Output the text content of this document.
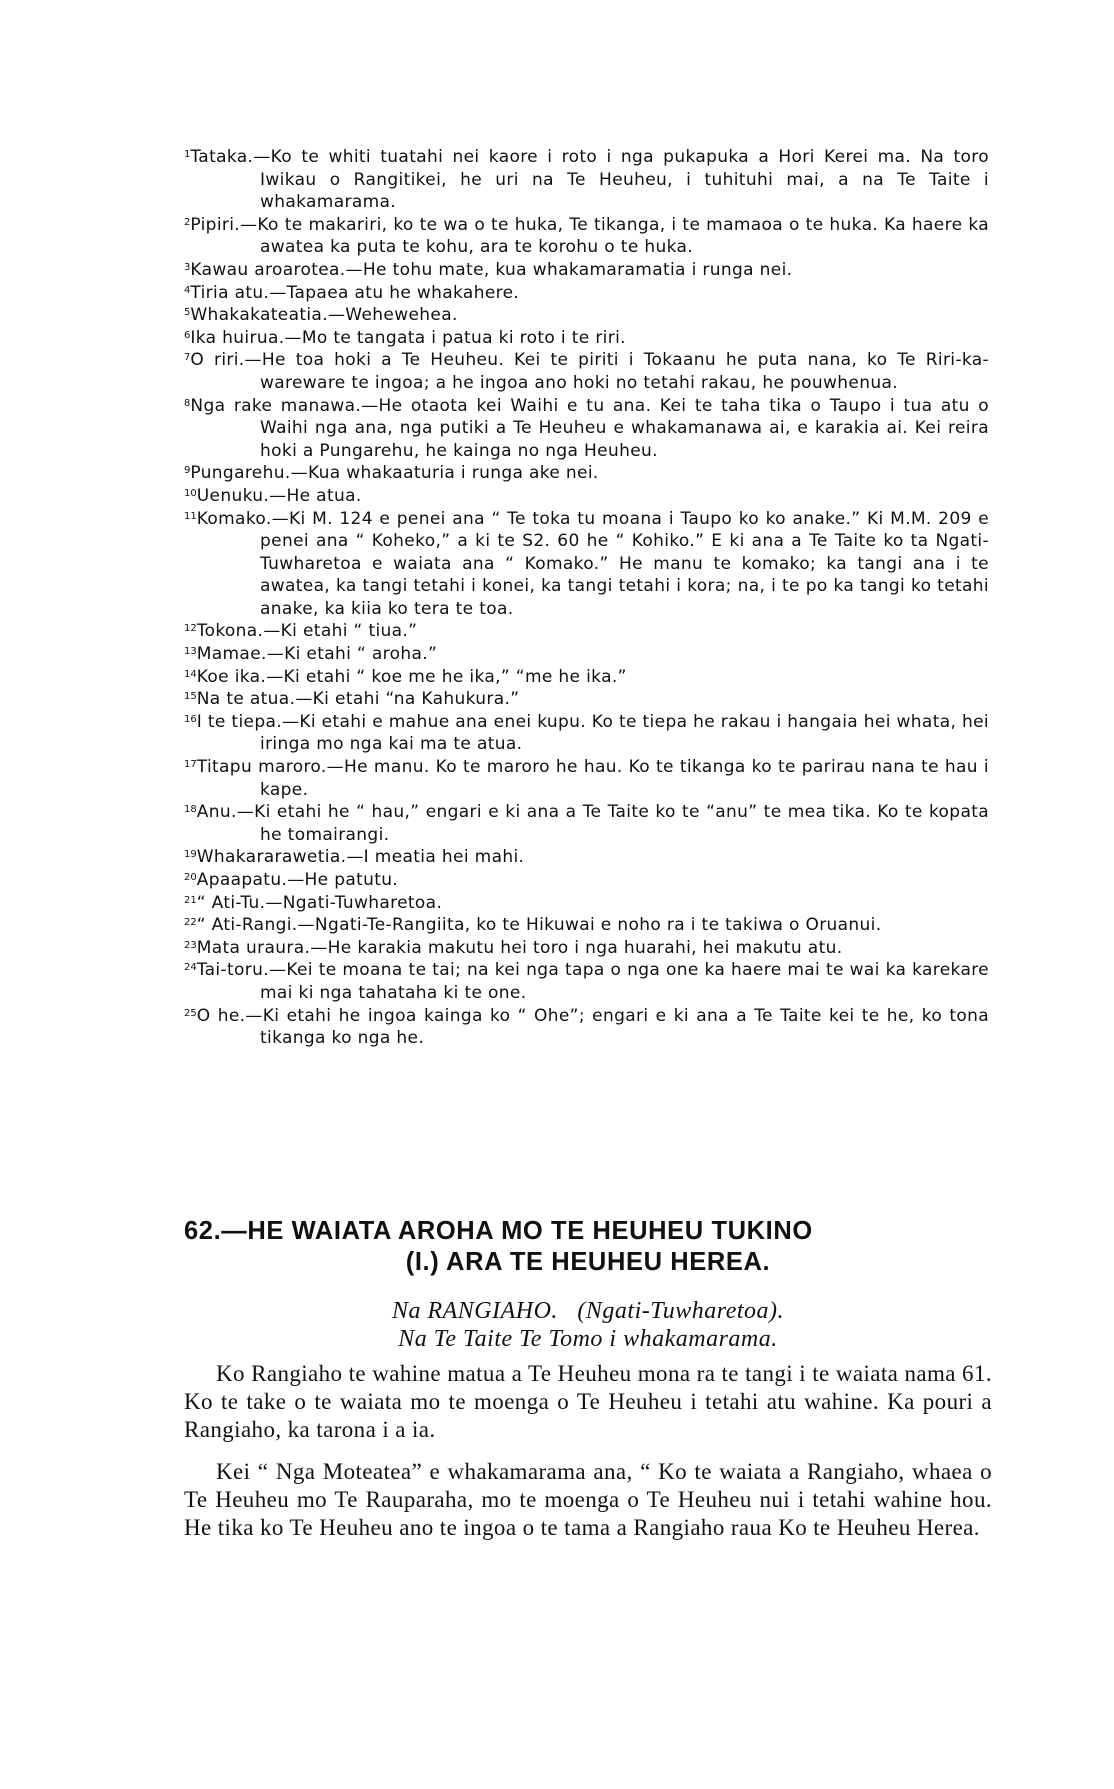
$^1$Tataka.—Ko te whiti tuatahi nei kaore i roto i nga pukapuka a Hori Kerei ma. Na toro Iwikau o Rangitikei, he uri na Te Heuheu, i tuhituhi mai, a na Te Taite i whakamarama.
$^2$Pipiri.—Ko te makariri, ko te wa o te huka, Te tikanga, i te mamaoa o te huka. Ka haere ka awatea ka puta te kohu, ara te korohu o te huka.
$^3$Kawau aroarotea.—He tohu mate, kua whakamaramatia i runga nei.
$^4$Tiria atu.—Tapaea atu he whakahere.
$^5$Whakakateatia.—Wehewehea.
$^6$Ika huirua.—Mo te tangata i patua ki roto i te riri.
$^7$O riri.—He toa hoki a Te Heuheu. Kei te piriti i Tokaanu he puta nana, ko Te Riri-ka-wareware te ingoa; a he ingoa ano hoki no tetahi rakau, he pouwhenua.
$^8$Nga rake manawa.—He otaota kei Waihi e tu ana. Kei te taha tika o Taupo i tua atu o Waihi nga ana, nga putiki a Te Heuheu e whakamanawa ai, e karakia ai. Kei reira hoki a Pungarehu, he kainga no nga Heuheu.
$^9$Pungarehu.—Kua whakaaturia i runga ake nei.
$^{10}$Uenuku.—He atua.
$^{11}$Komako.—Ki M. 124 e penei ana “ Te toka tu moana i Taupo ko ko anake.” Ki M.M. 209 e penei ana “ Koheko,” a ki te S2. 60 he “ Kohiko.” E ki ana a Te Taite ko ta Ngati-Tuwharetoa e waiata ana “ Komako.” He manu te komako; ka tangi ana i te awatea, ka tangi tetahi i konei, ka tangi tetahi i kora; na, i te po ka tangi ko tetahi anake, ka kiia ko tera te toa.
$^{12}$Tokona.—Ki etahi “ tiua.”
$^{13}$Mamae.—Ki etahi “ aroha.”
$^{14}$Koe ika.—Ki etahi “ koe me he ika,” “me he ika.”
$^{15}$Na te atua.—Ki etahi “na Kahukura.”
$^{16}$I te tiepa.—Ki etahi e mahue ana enei kupu. Ko te tiepa he rakau i hangaia hei whata, hei iringa mo nga kai ma te atua.
$^{17}$Titapu maroro.—He manu. Ko te maroro he hau. Ko te tikanga ko te parirau nana te hau i kape.
$^{18}$Anu.—Ki etahi he “ hau,” engari e ki ana a Te Taite ko te “anu” te mea tika. Ko te kopata he tomairangi.
$^{19}$Whakararawetia.—I meatia hei mahi.
$^{20}$Apaapatu.—He patutu.
$^{21}$“ Ati-Tu.—Ngati-Tuwharetoa.
$^{22}$“ Ati-Rangi.—Ngati-Te-Rangiita, ko te Hikuwai e noho ra i te takiwa o Oruanui.
$^{23}$Mata uraura.—He karakia makutu hei toro i nga huarahi, hei makutu atu.
$^{24}$Tai-toru.—Kei te moana te tai; na kei nga tapa o nga one ka haere mai te wai ka karekare mai ki nga tahataha ki te one.
$^{25}$O he.—Ki etahi he ingoa kainga ko “ Ohe”; engari e ki ana a Te Taite kei te he, ko tona tikanga ko nga he.
62.—HE WAIATA AROHA MO TE HEUHEU TUKINO
(I.) ARA TE HEUHEU HEREA.
Na RANGIAHO.   (Ngati-Tuwharetoa).
Na Te Taite Te Tomo i whakamarama.

Ko Rangiaho te wahine matua a Te Heuheu mona ra te tangi i te waiata nama 61. Ko te take o te waiata mo te moenga o Te Heuheu i tetahi atu wahine. Ka pouri a Rangiaho, ka tarona i a ia.

Kei “ Nga Moteatea” e whakamarama ana, “ Ko te waiata a Rangiaho, whaea o Te Heuheu mo Te Rauparaha, mo te moenga o Te Heuheu nui i tetahi wahine hou. He tika ko Te Heuheu ano te ingoa o te tama a Rangiaho raua Ko te Heuheu Herea.
